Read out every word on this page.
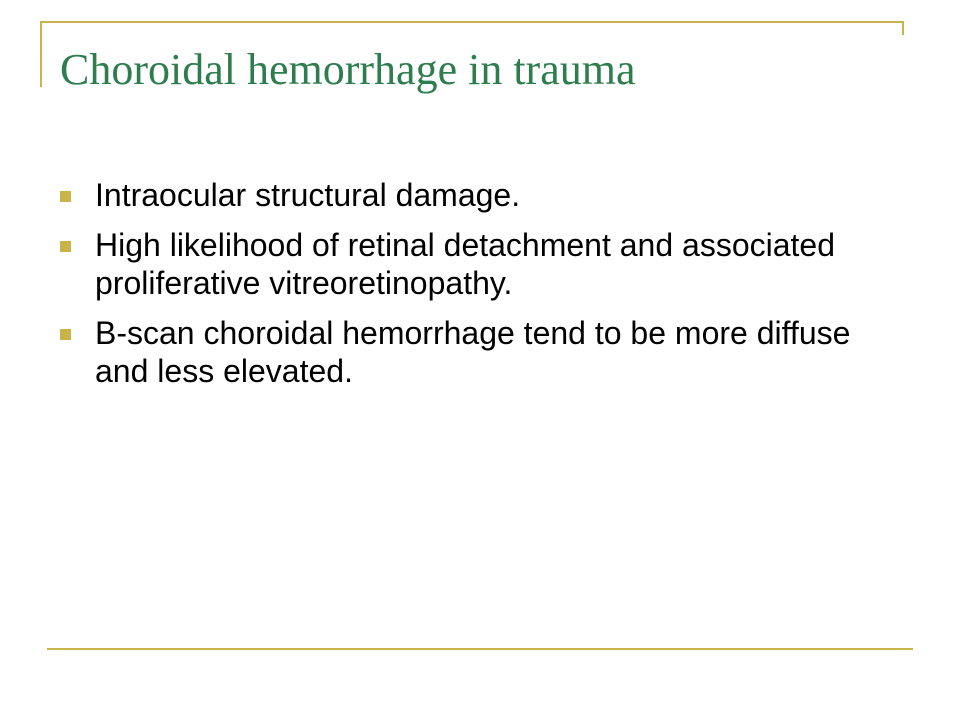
Choroidal hemorrhage in trauma
Intraocular structural damage.
High likelihood of retinal detachment and associated proliferative vitreoretinopathy.
B-scan choroidal hemorrhage tend to be more diffuse and less elevated.
